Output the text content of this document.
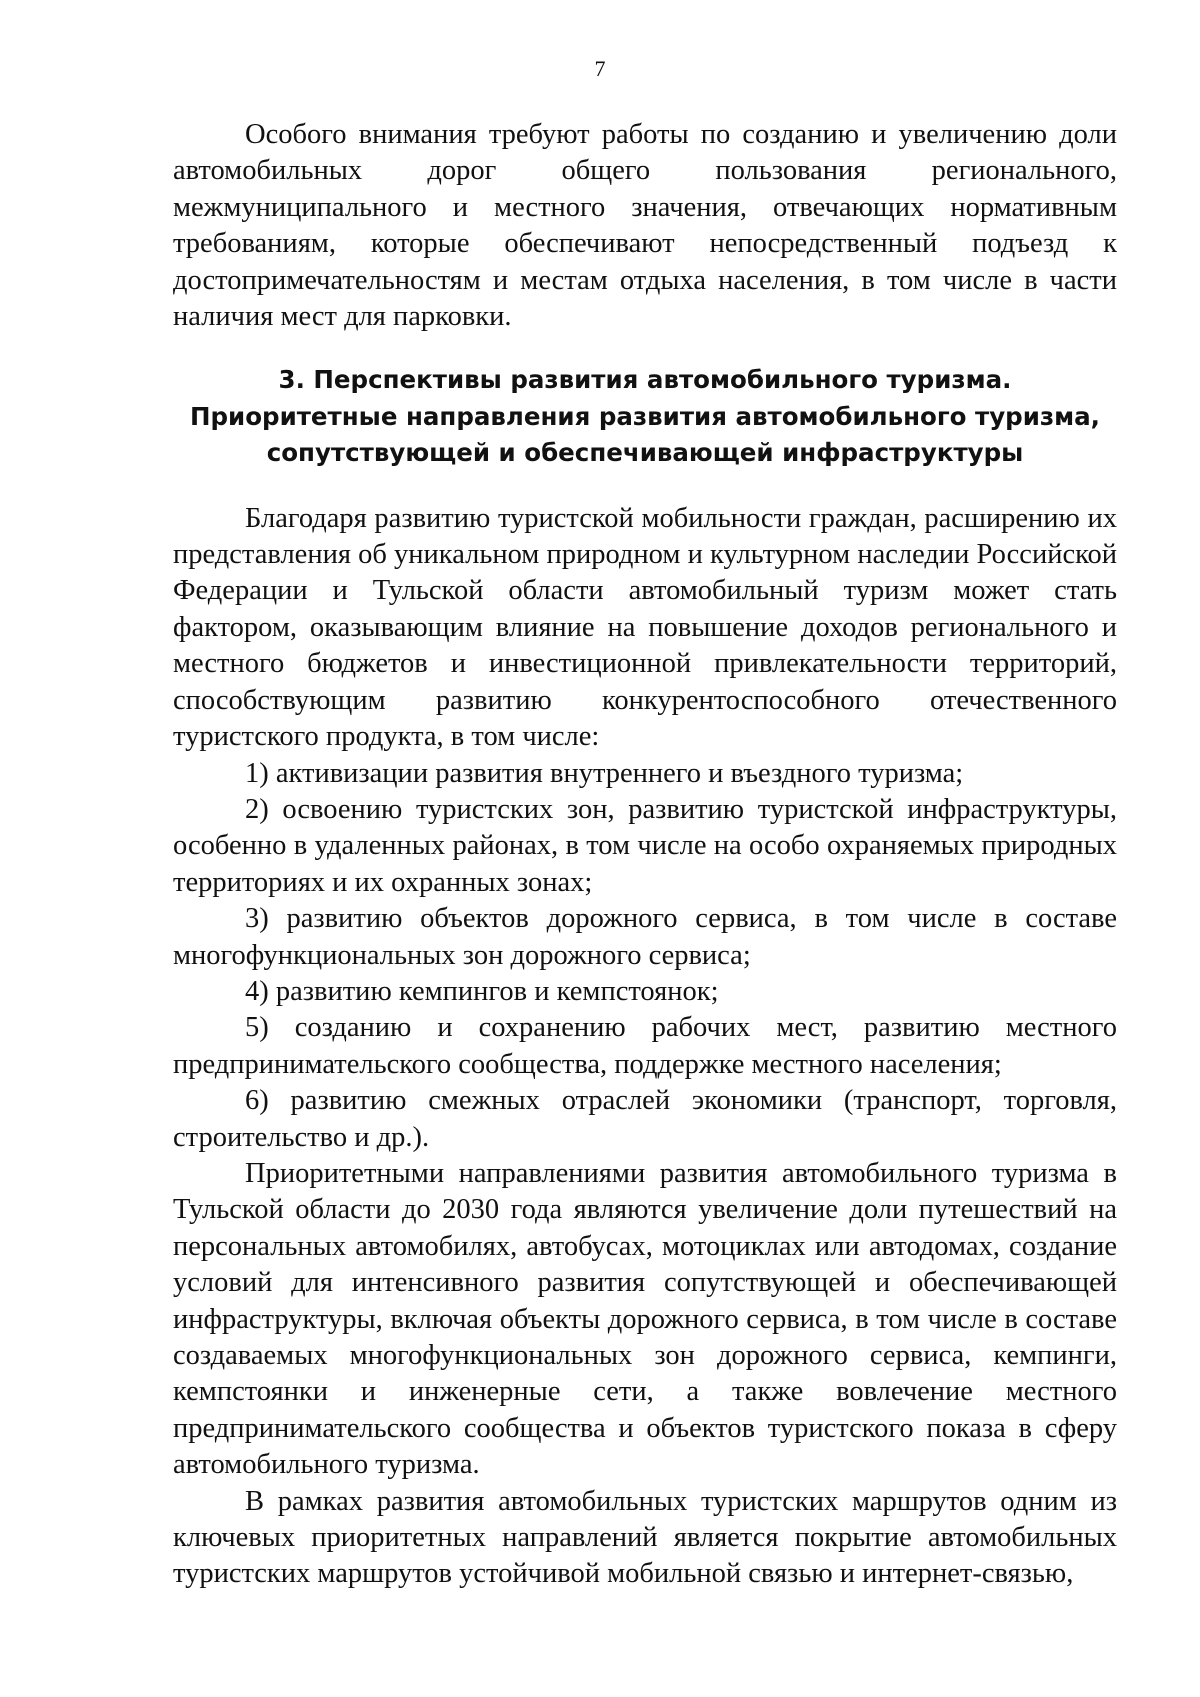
7

Особого внимания требуют работы по созданию и увеличению доли автомобильных дорог общего пользования регионального, межмуниципального и местного значения, отвечающих нормативным требованиям, которые обеспечивают непосредственный подъезд к достопримечательностям и местам отдыха населения, в том числе в части наличия мест для парковки.

3. Перспективы развития автомобильного туризма.
Приоритетные направления развития автомобильного туризма,
сопутствующей и обеспечивающей инфраструктуры

Благодаря развитию туристской мобильности граждан, расширению их представления об уникальном природном и культурном наследии Российской Федерации и Тульской области автомобильный туризм может стать фактором, оказывающим влияние на повышение доходов регионального и местного бюджетов и инвестиционной привлекательности территорий, способствующим развитию конкурентоспособного отечественного туристского продукта, в том числе:

1) активизации развития внутреннего и въездного туризма;

2) освоению туристских зон, развитию туристской инфраструктуры, особенно в удаленных районах, в том числе на особо охраняемых природных территориях и их охранных зонах;

3) развитию объектов дорожного сервиса, в том числе в составе многофункциональных зон дорожного сервиса;

4) развитию кемпингов и кемпстоянок;

5) созданию и сохранению рабочих мест, развитию местного предпринимательского сообщества, поддержке местного населения;

6) развитию смежных отраслей экономики (транспорт, торговля, строительство и др.).

Приоритетными направлениями развития автомобильного туризма в Тульской области до 2030 года являются увеличение доли путешествий на персональных автомобилях, автобусах, мотоциклах или автодомах, создание условий для интенсивного развития сопутствующей и обеспечивающей инфраструктуры, включая объекты дорожного сервиса, в том числе в составе создаваемых многофункциональных зон дорожного сервиса, кемпинги, кемпстоянки и инженерные сети, а также вовлечение местного предпринимательского сообщества и объектов туристского показа в сферу автомобильного туризма.

В рамках развития автомобильных туристских маршрутов одним из ключевых приоритетных направлений является покрытие автомобильных туристских маршрутов устойчивой мобильной связью и интернет-связью,
